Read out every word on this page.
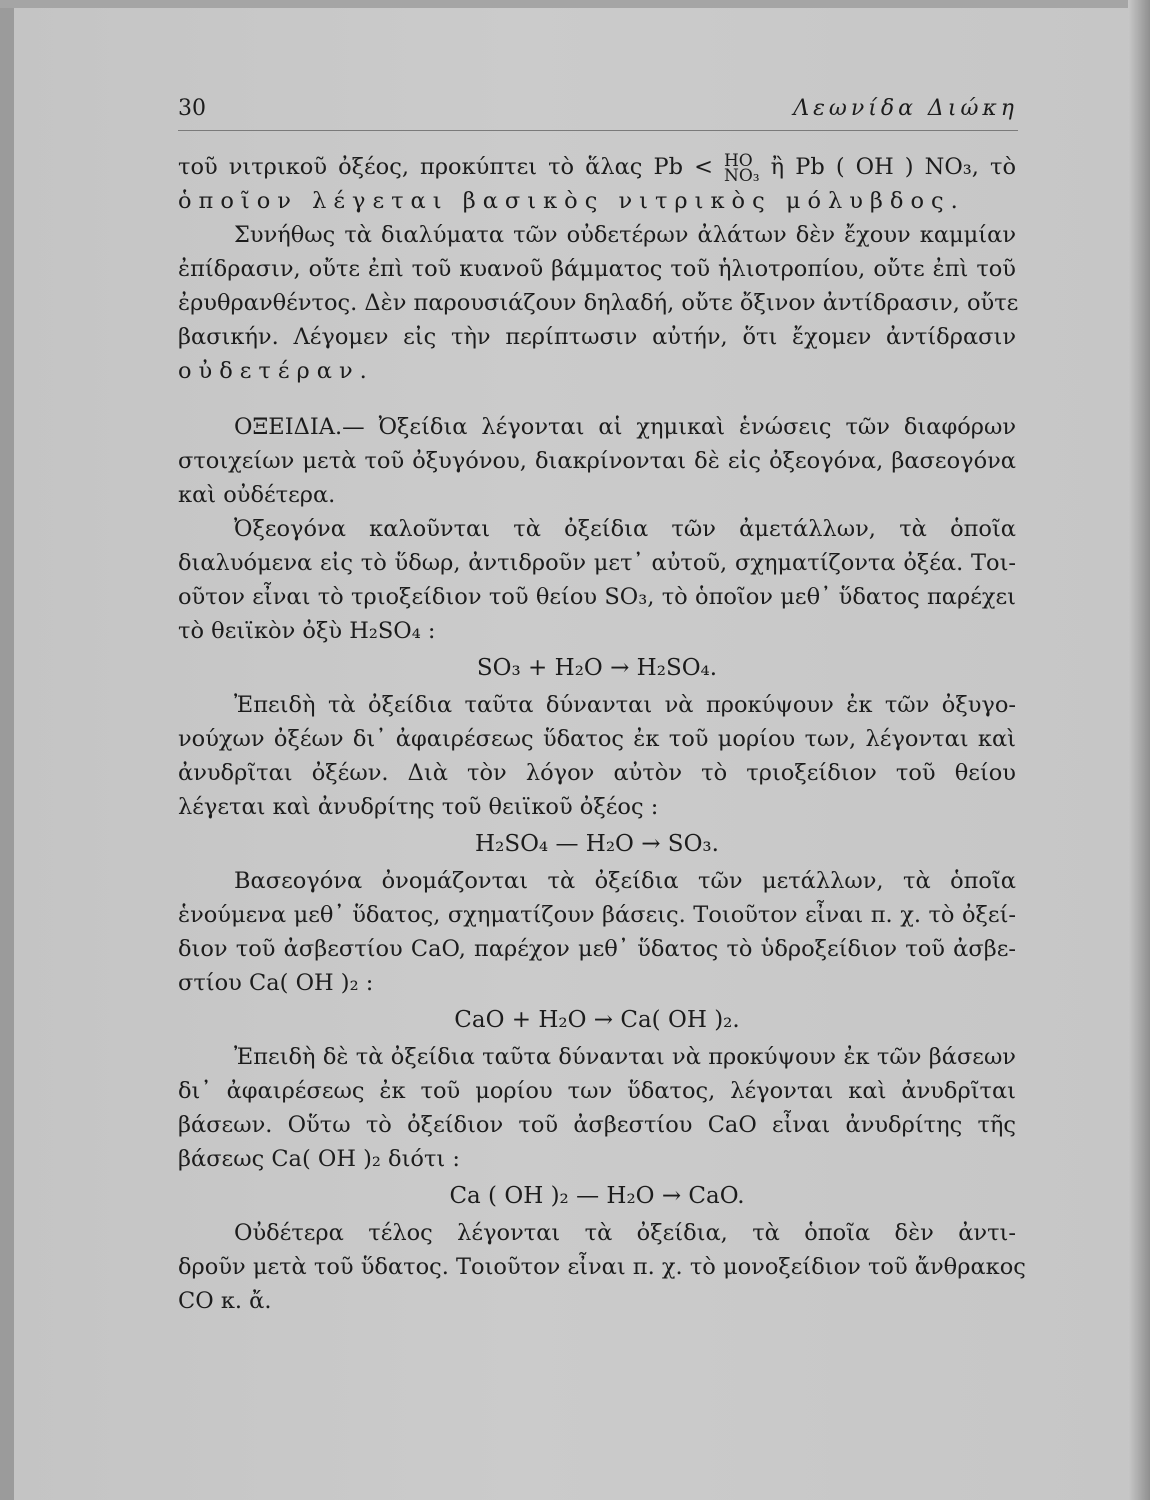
30	Λεωνίδα Διώκη
τοῦ νιτρικοῦ ὀξέος, προκύπτει τὸ ἅλας Pb < HO
NO₃ ἢ Pb ( OH ) NO₃, τὸ
ὁποῖον λέγεται βασικὸς νιτρικὸς μόλυβδος.
Συνήθως τὰ διαλύματα τῶν οὐδετέρων ἀλάτων δὲν ἔχουν καμμίαν
ἐπίδρασιν, οὔτε ἐπὶ τοῦ κυανοῦ βάμματος τοῦ ἡλιοτροπίου, οὔτε ἐπὶ τοῦ
ἐρυθρανθέντος. Δὲν παρουσιάζουν δηλαδή, οὔτε ὄξινον ἀντίδρασιν, οὔτε
βασικήν. Λέγομεν εἰς τὴν περίπτωσιν αὐτήν, ὅτι ἔχομεν ἀντίδρασιν
οὐδετέραν.
ΟΞΕΙΔΙΑ.— Ὀξείδια λέγονται αἱ χημικαὶ ἑνώσεις τῶν διαφόρων
στοιχείων μετὰ τοῦ ὀξυγόνου, διακρίνονται δὲ εἰς ὀξεογόνα, βασεογόνα
καὶ οὐδέτερα.
Ὀξεογόνα καλοῦνται τὰ ὀξείδια τῶν ἀμετάλλων, τὰ ὁποῖα
διαλυόμενα εἰς τὸ ὕδωρ, ἀντιδροῦν μετ᾽ αὐτοῦ, σχηματίζοντα ὀξέα. Τοι-
οῦτον εἶναι τὸ τριοξείδιον τοῦ θείου SO₃, τὸ ὁποῖον μεθ᾽ ὕδατος παρέχει
τὸ θειϊκὸν ὀξὺ H₂SO₄ :
SO₃ + H₂O → H₂SO₄.
Ἐπειδὴ τὰ ὀξείδια ταῦτα δύνανται νὰ προκύψουν ἐκ τῶν ὀξυγο-
νούχων ὀξέων δι᾽ ἀφαιρέσεως ὕδατος ἐκ τοῦ μορίου των, λέγονται καὶ
ἀνυδρῖται ὀξέων. Διὰ τὸν λόγον αὐτὸν τὸ τριοξείδιον τοῦ θείου
λέγεται καὶ ἀνυδρίτης τοῦ θειϊκοῦ ὀξέος :
H₂SO₄ — H₂O → SO₃.
Βασεογόνα ὀνομάζονται τὰ ὀξείδια τῶν μετάλλων, τὰ ὁποῖα
ἑνούμενα μεθ᾽ ὕδατος, σχηματίζουν βάσεις. Τοιοῦτον εἶναι π. χ. τὸ ὀξεί-
διον τοῦ ἀσβεστίου CaO, παρέχον μεθ᾽ ὕδατος τὸ ὑδροξείδιον τοῦ ἀσβε-
στίου Ca( OH )₂ :
CaO + H₂O → Ca( OH )₂.
Ἐπειδὴ δὲ τὰ ὀξείδια ταῦτα δύνανται νὰ προκύψουν ἐκ τῶν βάσεων
δι᾽ ἀφαιρέσεως ἐκ τοῦ μορίου των ὕδατος, λέγονται καὶ ἀνυδρῖται
βάσεων. Οὕτω τὸ ὀξείδιον τοῦ ἀσβεστίου CaO εἶναι ἀνυδρίτης τῆς
βάσεως Ca( OH )₂ διότι :
Ca ( OH )₂ — H₂O → CaO.
Οὐδέτερα τέλος λέγονται τὰ ὀξείδια, τὰ ὁποῖα δὲν ἀντι-
δροῦν μετὰ τοῦ ὕδατος. Τοιοῦτον εἶναι π. χ. τὸ μονοξείδιον τοῦ ἄνθρακος
CO κ. ἄ.
